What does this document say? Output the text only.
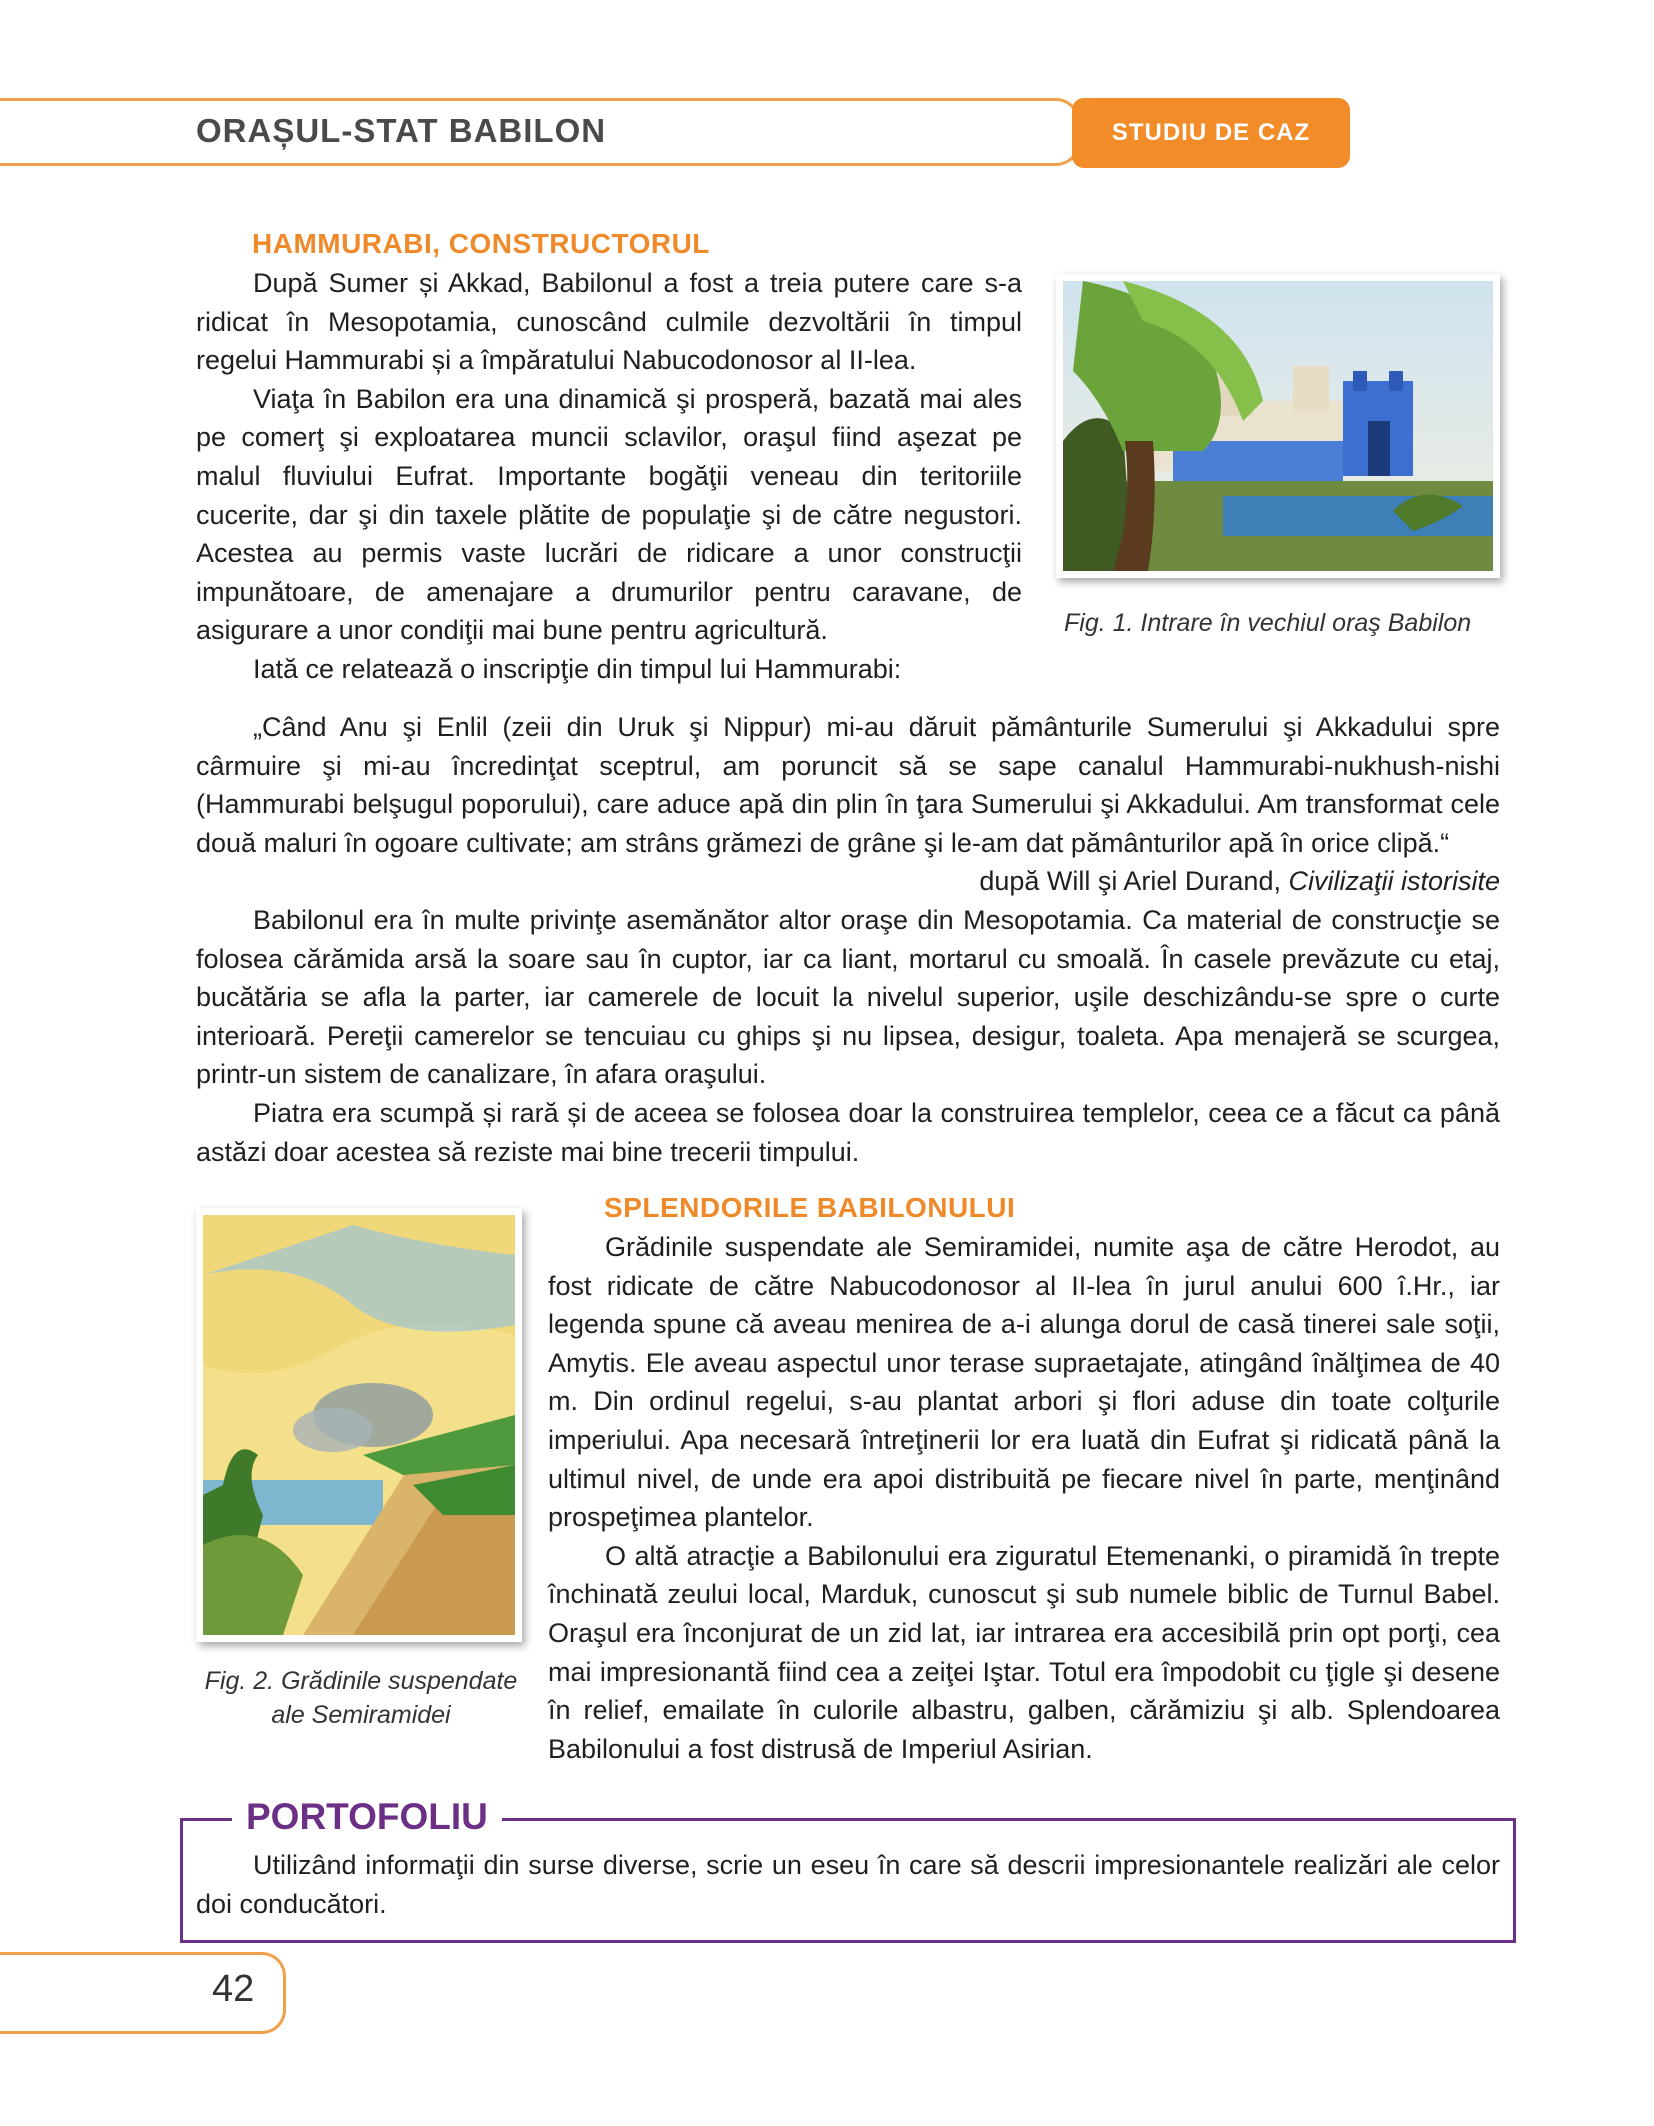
ORAȘUL-STAT BABILON	STUDIU DE CAZ
HAMMURABI, CONSTRUCTORUL

După Sumer și Akkad, Babilonul a fost a treia putere care s-a ridicat în Mesopotamia, cunoscând culmile dezvoltării în timpul regelui Hammurabi și a împăratului Nabucodonosor al II-lea.

Viaţa în Babilon era una dinamică şi prosperă, bazată mai ales pe comerţ şi exploatarea muncii sclavilor, oraşul fiind aşezat pe malul fluviului Eufrat. Importante bogăţii veneau din teritoriile cucerite, dar şi din taxele plătite de populaţie şi de către negustori. Acestea au permis vaste lucrări de ridicare a unor construcţii impunătoare, de amenajare a drumurilor pentru caravane, de asigurare a unor condiţii mai bune pentru agricultură.

Iată ce relatează o inscripţie din timpul lui Hammurabi:

Fig. 1. Intrare în vechiul oraş Babilon

„Când Anu şi Enlil (zeii din Uruk şi Nippur) mi-au dăruit pământurile Sumerului şi Akkadului spre cârmuire şi mi-au încredinţat sceptrul, am poruncit să se sape canalul Hammurabi-nukhush-nishi (Hammurabi belşugul poporului), care aduce apă din plin în ţara Sumerului şi Akkadului. Am transformat cele două maluri în ogoare cultivate; am strâns grămezi de grâne şi le-am dat pământurilor apă în orice clipă.“

după Will şi Ariel Durand, Civilizaţii istorisite

Babilonul era în multe privinţe asemănător altor oraşe din Mesopotamia. Ca material de construcţie se folosea cărămida arsă la soare sau în cuptor, iar ca liant, mortarul cu smoală. În casele prevăzute cu etaj, bucătăria se afla la parter, iar camerele de locuit la nivelul superior, uşile deschizându-se spre o curte interioară. Pereţii camerelor se tencuiau cu ghips şi nu lipsea, desigur, toaleta. Apa menajeră se scurgea, printr-un sistem de canalizare, în afara oraşului.

Piatra era scumpă și rară și de aceea se folosea doar la construirea templelor, ceea ce a făcut ca până astăzi doar acestea să reziste mai bine trecerii timpului.

Fig. 2. Grădinile suspendate
ale Semiramidei
SPLENDORILE BABILONULUI

Grădinile suspendate ale Semiramidei, numite aşa de către Herodot, au fost ridicate de către Nabucodonosor al II-lea în jurul anului 600 î.Hr., iar legenda spune că aveau menirea de a-i alunga dorul de casă tinerei sale soţii, Amytis. Ele aveau aspectul unor terase supraetajate, atingând înălţimea de 40 m. Din ordinul regelui, s-au plantat arbori şi flori aduse din toate colţurile imperiului. Apa necesară întreţinerii lor era luată din Eufrat şi ridicată până la ultimul nivel, de unde era apoi distribuită pe fiecare nivel în parte, menţinând prospeţimea plantelor.

O altă atracţie a Babilonului era ziguratul Etemenanki, o piramidă în trepte închinată zeului local, Marduk, cunoscut şi sub numele biblic de Turnul Babel. Oraşul era înconjurat de un zid lat, iar intrarea era accesibilă prin opt porţi, cea mai impresionantă fiind cea a zeiţei Iştar. Totul era împodobit cu ţigle şi desene în relief, emailate în culorile albastru, galben, cărămiziu şi alb. Splendoarea Babilonului a fost distrusă de Imperiul Asirian.

PORTOFOLIU

Utilizând informaţii din surse diverse, scrie un eseu în care să descrii impresionantele realizări ale celor doi conducători.

42
